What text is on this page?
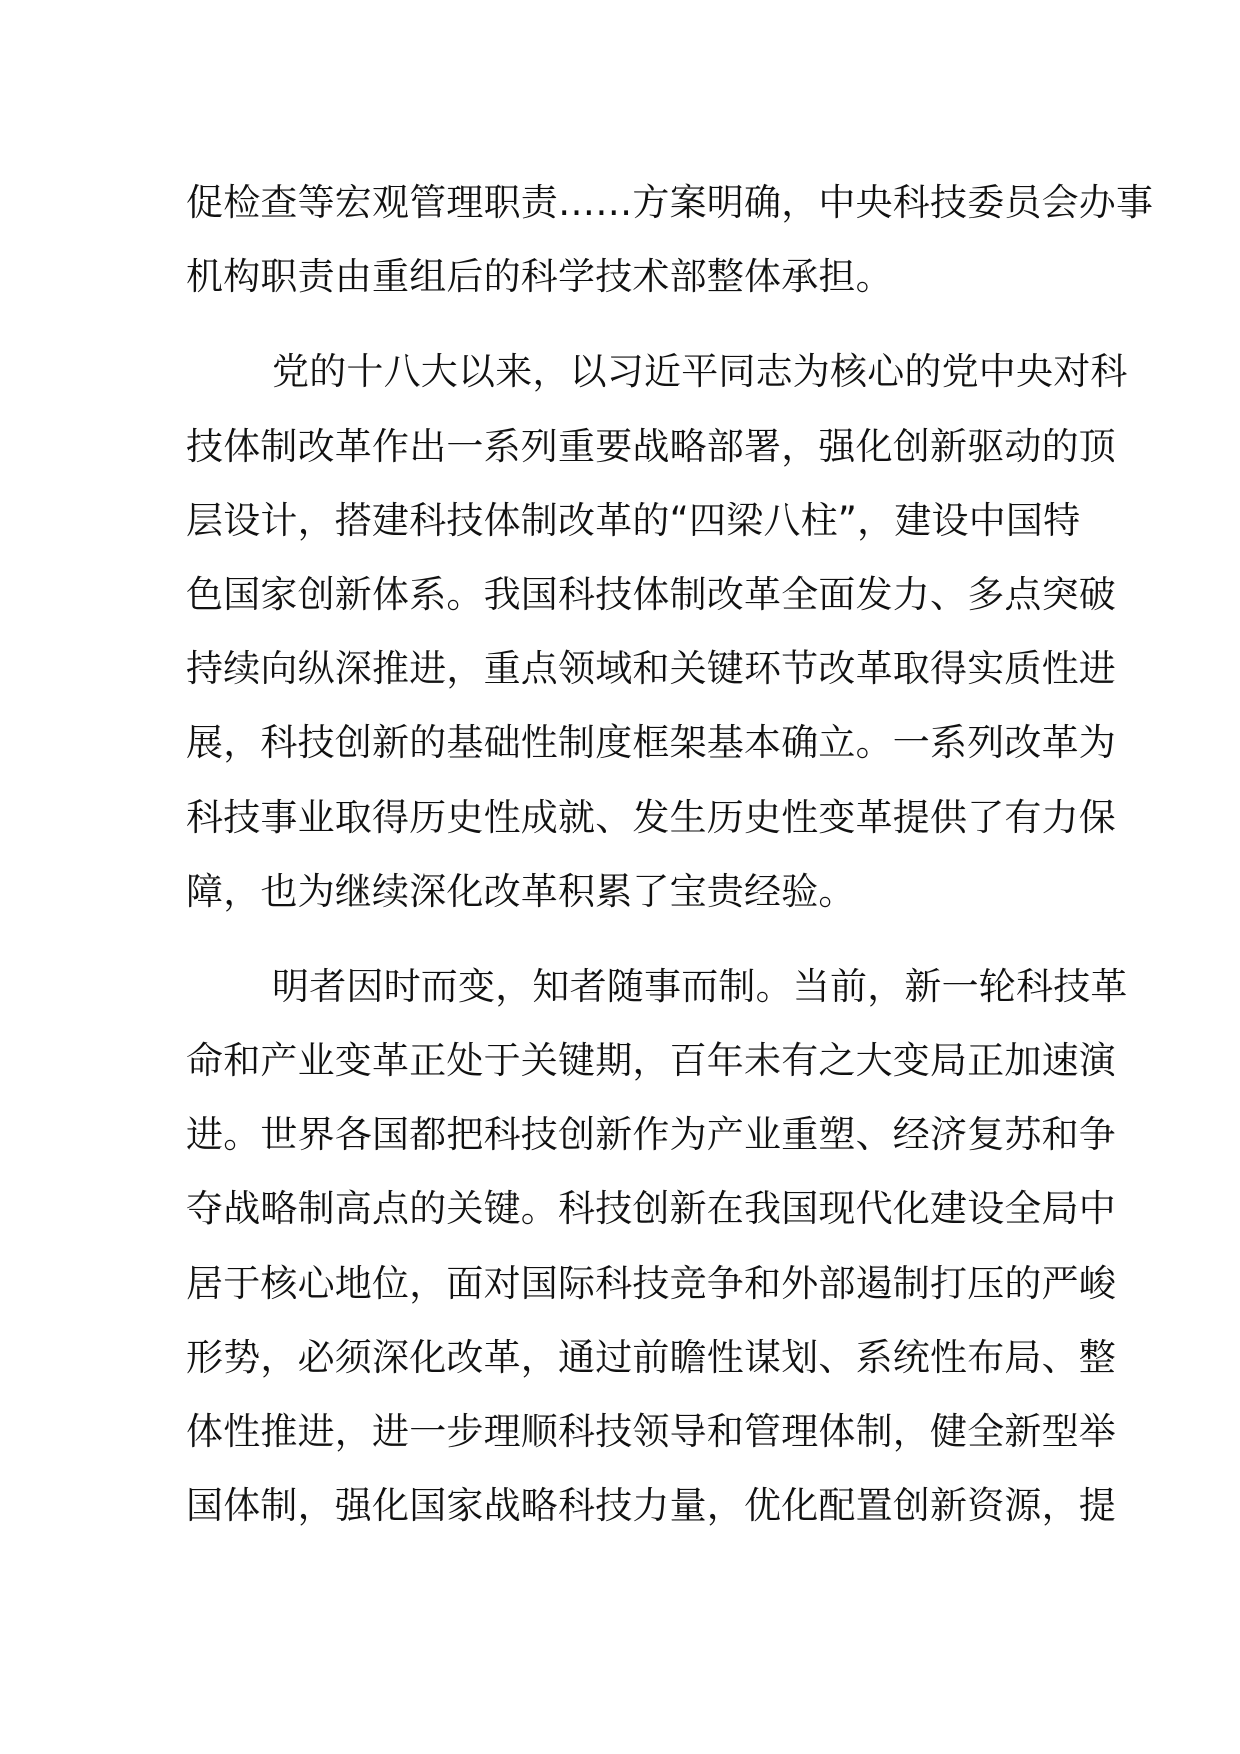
促检查等宏观管理职责……方案明确，中央科技委员会办事
机构职责由重组后的科学技术部整体承担。
党的十八大以来，以习近平同志为核心的党中央对科
技体制改革作出一系列重要战略部署，强化创新驱动的顶
层设计，搭建科技体制改革的“四梁八柱”，建设中国特
色国家创新体系。我国科技体制改革全面发力、多点突破
持续向纵深推进，重点领域和关键环节改革取得实质性进
展，科技创新的基础性制度框架基本确立。一系列改革为
科技事业取得历史性成就、发生历史性变革提供了有力保
障，也为继续深化改革积累了宝贵经验。
明者因时而变，知者随事而制。当前，新一轮科技革
命和产业变革正处于关键期，百年未有之大变局正加速演
进。世界各国都把科技创新作为产业重塑、经济复苏和争
夺战略制高点的关键。科技创新在我国现代化建设全局中
居于核心地位，面对国际科技竞争和外部遏制打压的严峻
形势，必须深化改革，通过前瞻性谋划、系统性布局、整
体性推进，进一步理顺科技领导和管理体制，健全新型举
国体制，强化国家战略科技力量，优化配置创新资源，提
